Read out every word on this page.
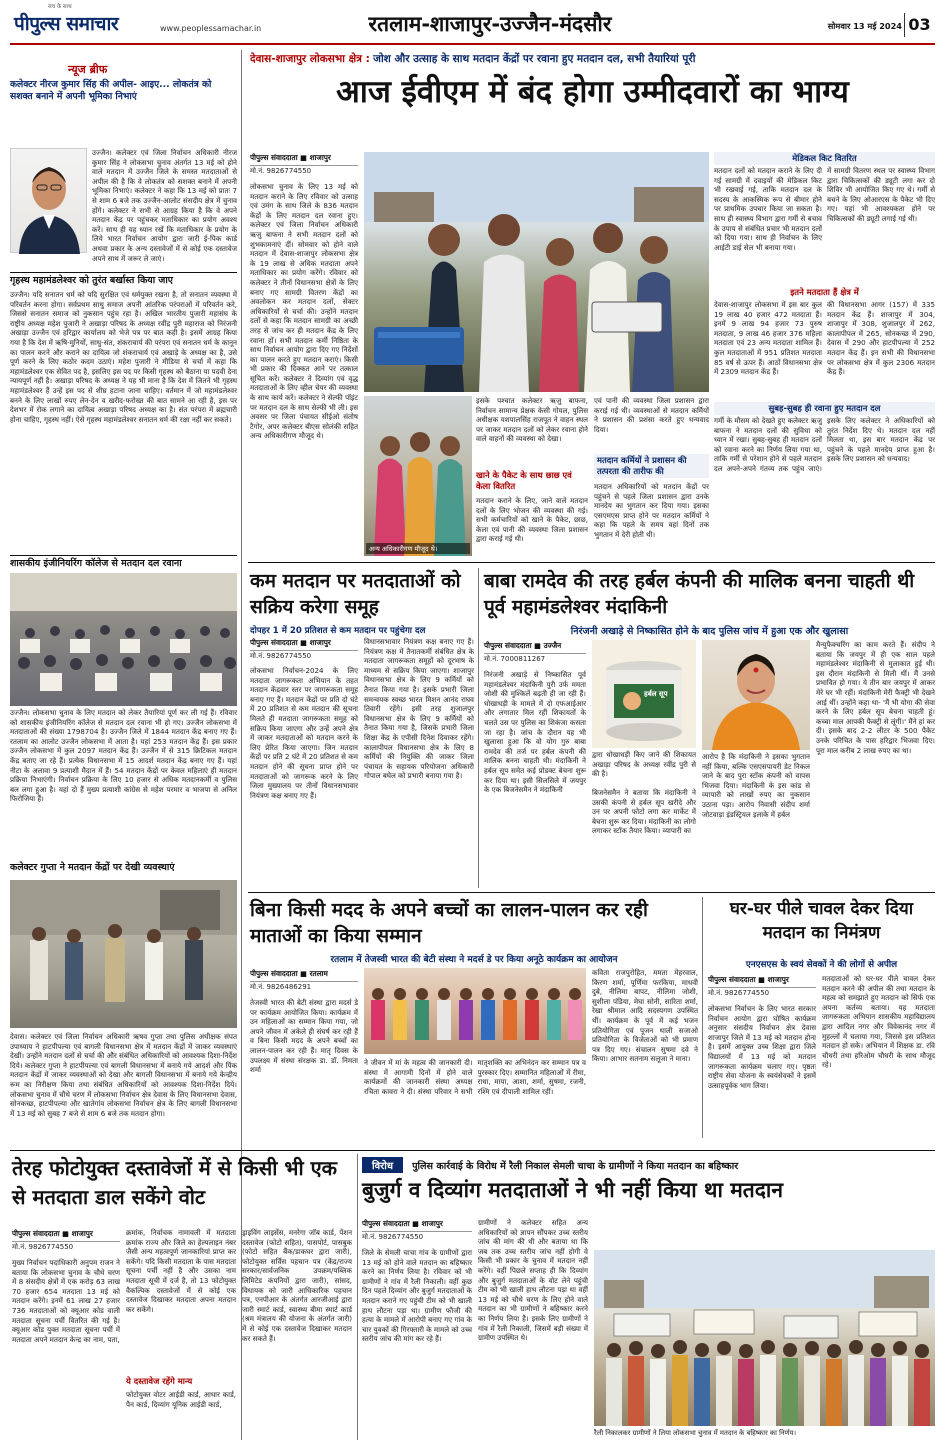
सच के साथ
पीपुल्स समाचार	www.peoplessamachar.in	रतलाम-शाजापुर-उज्जैन-मंदसौर	सोमवार 13 मई 2024 03
न्यूज ब्रीफ
कलेक्टर नीरज कुमार सिंह की अपील- आइए... लोकतंत्र को सशक्त बनाने में अपनी भूमिका निभाएं
उज्जैन। कलेक्टर एवं जिला निर्वाचन अधिकारी नीरज कुमार सिंह ने लोकसभा चुनाव अंतर्गत 13 मई को होने वाले मतदान में उज्जैन जिले के समस्त मतदाताओं से अपील की है कि वे लोकतंत्र को सशक्त बनाने में अपनी भूमिका निभाएं। कलेक्टर ने कहा कि 13 मई को प्रातः 7 से शाम 6 बजे तक उज्जैन-आलोट संसदीय क्षेत्र में चुनाव होंगे। कलेक्टर ने सभी से आग्रह किया है कि वे अपने मतदान केंद्र पर पहुंचकर मताधिकार का प्रयोग अवश्य करें। साथ ही यह ध्यान रखें कि मताधिकार के प्रयोग के लिये भारत निर्वाचन आयोग द्वारा जारी ई-पिक कार्ड अथवा प्रकार के अन्य दस्तावेजों में से कोई एक दस्तावेज अपने साथ में जरूर ले जाएं।
गृहस्थ महामंडलेश्वर को तुरंत बर्खास्त किया जाए
उज्जैन। यदि सनातन धर्म को यदि सुरक्षित एवं धर्मयुक्त रखना है, तो सनातन व्यवस्था में परिवर्तन करना होगा। सर्वप्रथम साधु समाज अपनी आंतरिक परंपराओं में परिवर्तन करे, जिससे सनातन समाज को नुकसान पहुंच रहा है। अखिल भारतीय पुजारी महासंघ के राष्ट्रीय अध्यक्ष महेश पुजारी ने अखाड़ा परिषद के अध्यक्ष रवींद्र पुरी महाराज को निरंजनी अखाड़ा उज्जैन एवं हरिद्वार कार्यालय को भेजे पत्र पर बात कही है। इसमें आग्रह किया गया है कि देश में ऋषि-मुनियों, साधु-संत, शंकराचार्य की परंपरा एवं सनातन धर्म के कानून का पालन करने और कराने का दायित्व जो शंकराचार्य एवं अखाड़े के अध्यक्ष का है, उसे पूर्ण करने के लिए कठोर कदम उठाएं। महेश पुजारी ने मीडिया से चर्चा में कहा कि महामंडलेश्वर एक सेवित पद है, इसलिए इस पद पर किसी गृहस्थ को बैठाना या पदवी देना न्यायपूर्ण नहीं है। अखाड़ा परिषद के अध्यक्ष ने यह भी माना है कि देश में जितने भी गृहस्थ महामंडलेश्वर हैं उन्हें इस पद से शीघ्र हटाना जाना चाहिए। वर्तमान में जो महामंडलेश्वर बनने के लिए लाखों रुपए लेन-देन व खरीद-फरोख्त की बात सामने आ रही है, इस पर देशभर में रोक लगाने का दायित्व अखाड़ा परिषद अध्यक्ष का है। संत परंपरा में ब्रह्मचारी होना चाहिए, गृहस्थ नहीं। ऐसे गृहस्थ महामंडलेश्वर सनातन धर्म की रक्षा नहीं कर सकते।
शासकीय इंजीनियरिंग कॉलेज से मतदान दल रवाना
उज्जैन। लोकसभा चुनाव के लिए मतदान को लेकर तैयारियां पूर्ण कर ली गई हैं। रविवार को शासकीय इंजीनियरिंग कॉलेज से मतदान दल रवाना भी हो गए। उज्जैन लोकसभा में मतदाताओं की संख्या 1798704 है। उज्जैन जिले में 1844 मतदान केंद्र बनाए गए हैं। रतलाम का आलोट उज्जैन लोकसभा में आता है। यहां 253 मतदान केंद्र हैं। इस प्रकार उज्जैन लोकसभा में कुल 2097 मतदान केंद्र हैं। उज्जैन में से 315 क्रिटिकल मतदान केंद्र बताए जा रहे हैं। प्रत्येक विधानसभा में 15 आदर्श मतदान केंद्र बनाए गए हैं। यहां नीटा के अलावा 9 प्रत्याशी मैदान में हैं। 54 मतदान केंद्रों पर केवल महिलाएं ही मतदान प्रक्रिया निभाएंगी। निर्वाचन प्रक्रिया के लिए 10 हजार से अधिक मतदानकर्मी व पुलिस बल लगा हुआ है। यहां दो हैं मुख्य प्रत्याशी कांग्रेस से महेश परमार व भाजपा से अनिल फिरोजिया हैं।
कलेक्टर गुप्ता ने मतदान केंद्रों पर देखी व्यवस्थाएं
देवास। कलेक्टर एवं जिला निर्वाचन अधिकारी ऋषव गुप्ता तथा पुलिस अधीक्षक संपत उपाध्याय ने हाटपीपल्या एवं बागली विधानसभा क्षेत्र में मतदान केंद्रों में जाकर व्यवस्थाएं देखी। उन्होंने मतदान दलों से चर्चा की और संबंधित अधिकारियों को आवश्यक दिशा-निर्देश दिये। कलेक्टर गुप्ता ने हाटपीपल्या एवं बागली विधानसभा में बनाये गये आदर्श और पिंक मतदान केंद्रों में जाकर व्यवस्थाओं को देखा और बागली विधानसभा में बनाये गये केन्द्रीय रूम का निरीक्षण किया तथा संबंधित अधिकारियों को आवश्यक दिशा-निर्देश दिये। लोकसभा चुनाव में चौथे चरण में लोकसभा निर्वाचन क्षेत्र देवास के लिए विधानसभा देवास, सोनकच्छ, हाटपीपल्या और खातेगांव लोकसभा निर्वाचन क्षेत्र के लिए बागली विधानसभा में 13 मई को सुबह 7 बजे से शाम 6 बजे तक मतदान होगा।
देवास-शाजापुर लोकसभा क्षेत्र : जोश और उत्साह के साथ मतदान केंद्रों पर रवाना हुए मतदान दल, सभी तैयारियां पूरी
आज ईवीएम में बंद होगा उम्मीदवारों का भाग्य
पीपुल्स संवाददाता ■ शाजापुर
मो.नं. 9826774550
लोकसभा चुनाव के लिए 13 मई को मतदान कराने के लिए रविवार को उत्साह एवं उमंग के साथ जिले के 836 मतदान केंद्रों के लिए मतदान दल रवाना हुए। कलेक्टर एवं जिला निर्वाचन अधिकारी ऋजु बाफना ने सभी मतदान दलों को शुभकामनाएं दीं। सोमवार को होने वाले मतदान में देवास-शाजापुर लोकसभा क्षेत्र के 19 लाख से अधिक मतदाता अपने मताधिकार का प्रयोग करेंगे। रविवार को कलेक्टर ने तीनों विधानसभा क्षेत्रों के लिए बनाए गए सामग्री वितरण केंद्रों का अवलोकन कर मतदान दलों, सेक्टर अधिकारियों से चर्चा की। उन्होंने मतदान दलों से कहा कि मतदान सामग्री का अच्छी तरह से जांच कर ही मतदान केंद्र के लिए रवाना हों। सभी मतदान कर्मी निष्ठिता के साथ निर्वाचन आयोग द्वारा दिए गए निर्देशों का पालन करते हुए मतदान कराएं। किसी भी प्रकार की दिक्कत आने पर तत्काल सूचित करें। कलेक्टर ने दिव्यांग एवं वृद्ध मतदाताओं के लिए व्हील चेयर की व्यवस्था के साथ कार्य करें। कलेक्टर ने सेल्फी पॉइंट पर मतदान दल के साथ सेल्फी भी ली। इस अवसर पर जिला पंचायत सीईओ संतोष टैगोर, अपर कलेक्टर बीएस सोलंकी सहित अन्य अधिकारीगण मौजूद थे।
अन्य अधिकारीगण मौजूद थे।
इसके पश्चात कलेक्टर ऋजु बाफना, निर्वाचन सामान्य प्रेक्षक केसी गोयल, पुलिस अधीक्षक यशपालसिंह राजपूत ने वाहन स्थल पर जाकर मतदान दलों को लेकर रवाना होने वाले वाहनों की व्यवस्था को देखा।
खाने के पैकेट के साथ छाछ एवं केला वितरित
मतदान कराने के लिए, जाने वाले मतदान दलों के लिए भोजन की व्यवस्था की गई। सभी कर्मचारियों को खाने के पैकेट, छाछ, केला एवं पानी की व्यवस्था जिला प्रशासन द्वारा कराई गई थी।
एवं पानी की व्यवस्था जिला प्रशासन द्वारा कराई गई थी। व्यवस्थाओं से मतदान कर्मियों ने प्रशासन की प्रशंसा करते हुए धन्यवाद दिया।
मतदान कर्मियों ने प्रशासन की तत्परता की तारीफ की
मतदान अधिकारियों को मतदान केंद्रों पर पहुंचने से पहले जिला प्रशासन द्वारा उनके मानदेय का भुगतान कर दिया गया। इसका एसएमएस प्राप्त होने पर मतदान कर्मियों ने कहा कि पहले के समय वहां दिनों तक भुगतान में देरी होती थी।
मेडिकल किट वितरित
मतदान दलों को मतदान कराने के लिए दी गई सामग्री में दवाइयों की मेडिकल किट भी रखवाई गई, ताकि मतदान दल के सदस्य के आकस्मिक रूप से बीमार होने पर प्राथमिक उपचार किया जा सकता है। साथ ही स्वास्थ्य विभाग द्वारा गर्मी से बचाव के उपाय से संबंधित प्रचार भी मतदान दलों को दिया गया। साथ ही निर्वाचन के लिए आईटी डाई सेल भी बनाया गया।
में सामग्री वितरण स्थल पर स्वास्थ्य विभाग द्वारा चिकित्सकों की ड्यूटी लगा कर दो शिविर भी आयोजित किए गए थे। गर्मी से बचने के लिए ओआरएस के पैकेट भी दिए गए। यहां भी आवश्यकता होने पर चिकित्सकों की ड्यूटी लगाई गई थी।
इतने मतदाता हैं क्षेत्र में
देवास-शाजापुर लोकसभा में इस बार कुल 19 लाख 40 हजार 472 मतदाता हैं। इनमें 9 लाख 94 हजार 73 पुरुष मतदाता, 9 लाख 46 हजार 376 महिला मतदाता एवं 23 अन्य मतदाता शामिल हैं। कुल मतदाताओं में 951 प्रतिशत मतदाता 85 वर्ष से ऊपर हैं। आठों विधानसभा क्षेत्र में 2309 मतदान केंद्र हैं।
की विधानसभा आगर (157) में 335 मतदान केंद्र हैं। शाजापुर में 304, शाजापुर में 308, शुजालपुर में 262, कालापीपल में 265, सोनकच्छ में 290, देवास में 290 और हाटपीपल्या में 252 मतदान केंद्र हैं। इन सभी की विधानसभा पर लोकसभा क्षेत्र में कुल 2306 मतदान केंद्र हैं।
सुबह-सुबह ही रवाना हुए मतदान दल
गर्मी के मौसम को देखते हुए कलेक्टर ऋजु बाफना ने मतदान दलों की सुविधा को ध्यान में रखा। सुबह-सुबह ही मतदान दलों को रवाना करने का निर्णय लिया गया था, ताकि गर्मी से परेशान होने से पहले मतदान दल अपने-अपने गंतव्य तक पहुंच जाएं। इसके लिए कलेक्टर ने अधिकारियों को तुरंत निर्देश दिए थे। मतदान दल नहीं मिलता था, इस बार मतदान केंद्र पर पहुंचने के पहले मानदेय प्राप्त हुआ है। इसके लिए प्रशासन को धन्यवाद।
कम मतदान पर मतदाताओं को सक्रिय करेगा समूह
दोपहर 1 में 20 प्रतिशत से कम मतदान पर पहुंचेगा दल
पीपुल्स संवाददाता ■ शाजापुर
मो.नं. 9826774550
लोकसभा निर्वाचन-2024 के लिए मतदाता जागरूकता अभियान के तहत मतदान केंद्रवार स्तर पर जागरूकता समूह बनाए गए हैं। मतदान केंद्रों पर प्रति दो घंटे में 20 प्रतिशत से कम मतदान की सूचना मिलते ही मतदाता जागरूकता समूह को सक्रिय किया जाएगा और उन्हें अपने क्षेत्र में जाकर मतदाताओं को मतदान करने के लिए प्रेरित किया जाएगा। जिन मतदान केंद्रों पर प्रति 2 घंटे में 20 प्रतिशत से कम मतदान होने की सूचना प्राप्त होने पर मतदाताओं को जागरूक करने के लिए जिला मुख्यालय पर तीनों विधानसभावार नियंत्रण कक्ष बनाए गए हैं।
विधानसभावार नियंत्रण कक्ष बनाए गए हैं। नियंत्रण कक्ष में तैनातकर्मी संबंधित क्षेत्र के मतदाता जागरूकता समूहों को दूरभाष के माध्यम से सक्रिय किया जाएगा। शाजापुर विधानसभा क्षेत्र के लिए 9 कर्मियों को तैनात किया गया है। इसके प्रभारी जिला समन्वयक स्वच्छ भारत मिशन आनंद राघव तिवारी रहेंगे। इसी तरह शुजालपुर विधानसभा क्षेत्र के लिए 9 कर्मियों को तैनात किया गया है, जिसके प्रभारी जिला शिक्षा केंद्र के एपीसी दिनेश दिवाकर रहेंगे। कालापीपल विधानसभा क्षेत्र के लिए 8 कर्मियों की नियुक्ति की जाकर जिला पंचायत के सहायक परियोजना अधिकारी गोपाल बघेल को प्रभारी बनाया गया है।
बाबा रामदेव की तरह हर्बल कंपनी की मालिक बनना चाहती थी पूर्व महामंडलेश्वर मंदाकिनी
निरंजनी अखाड़े से निष्कासित होने के बाद पुलिस जांच में हुआ एक और खुलासा
पीपुल्स संवाददाता ■ उज्जैन
मो.नं. 7000811267
निरंजनी अखाड़े से निष्कासित पूर्व महामंडलेश्वर मंदाकिनी पुरी उर्फ ममता जोशी की मुश्किलें बढ़ती ही जा रही हैं। धोखाधड़ी के मामले में दो एफआईआर और लगातार मिल रहीं शिकायतों के चलते उस पर पुलिस का शिकंजा कसता जा रहा है। जांच के दौरान यह भी खुलासा हुआ कि वो योग गुरु बाबा रामदेव की तर्ज पर हर्बल कंपनी की मालिक बनना चाहती थी। मंदाकिनी ने हर्बल सूप समेत कई प्रोडक्ट बेचना शुरू कर दिया था। इसी सिलसिले में जयपुर के एक बिजनेसमैन ने मंदाकिनी
हर्बल सूप
द्वारा धोखाधड़ी किए जाने की शिकायत अखाड़ा परिषद के अध्यक्ष रवींद्र पुरी से की है।
बिजनेसमैन ने बताया कि मंदाकिनी ने उसकी कंपनी से हर्बल सूप खरीदे और उन पर अपनी फोटो लगा कर मार्केट में बेचना शुरू कर दिया। मंदाकिनी का लोगो लगाकर स्टॉक तैयार किया। व्यापारी का
आरोप है कि मंदाकिनी ने इसका भुगतान नहीं किया, बल्कि एसएसपायरी डेट निकल जाने के बाद पुरा स्टॉक कंपनी को वापस भिजवा दिया। मंदाकिनी के इस कांड से व्यापारी को लाखों रुपए का नुकसान उठाना पड़ा। आरोप निवासी संदीप शर्मा जोटवाड़ा इंडस्ट्रियल इलाके में हर्बल
मैन्युफैक्चरिंग का काम करते हैं। संदीप ने बताया कि जयपुर में ही एक साल पहले महामंडलेश्वर मंदाकिनी से मुलाकात हुई थी। इस दौरान मंदाकिनी से मिली थीं। मैं उनसे प्रभावित हो गया। ये तीन बार जयपुर में आकर मेरे घर भी रहीं। मंदाकिनी मेरी फैक्ट्री भी देखने आई थीं। उन्होंने कहा था- 'मैं भी योगा की सेवा करने के लिए हर्बल सूप बेचना चाहती हूं। कच्चा माल आपकी फैक्ट्री से लूंगी।' मैंने हां कर दी। इसके बाद 2-2 लीटर के 500 पैकेट उनके परिचित के पास हरिद्वार भिजवा दिए। पूरा माल करीब 2 लाख रुपए का था।
बिना किसी मदद के अपने बच्चों का लालन-पालन कर रही माताओं का किया सम्मान
रतलाम में तेजस्वी भारत की बेटी संस्था ने मदर्स डे पर किया अनूठे कार्यक्रम का आयोजन
पीपुल्स संवाददाता ■ रतलाम
मो.नं. 9826486291
तेजस्वी भारत की बेटी संस्था द्वारा मदर्स डे पर कार्यक्रम आयोजित किया। कार्यक्रम में उन महिलाओं का सम्मान किया गया, जो अपने जीवन में अकेले ही संघर्ष कर रही हैं व बिना किसी मदद के अपने बच्चों का लालन-पालन कर रही हैं। मातृ दिवस के उपलक्ष्य में संस्था संरक्षक डा. डॉ. निमता शर्मा
ने जीवन में मां के महत्व की जानकारी दी। संस्था में आगामी दिनों में होने वाले कार्यक्रमों की जानकारी संस्था अध्यक्ष रचिता कावरा ने दी। संस्था परिवार ने सभी मातृशक्ति का अभिनंदन कर सम्मान पत्र व पुरस्कार दिए। सम्मानित महिलाओं में रीमा, राधा, माया, आशा, शर्मा, सुषमा, रजनी, रश्मि एवं दीपाली शामिल रहीं।
कविता राजपुरोहित, ममता मेहरवाल, किरण शर्मा, पूर्णिमा फरकिया, माधवी दुबे, नीलिमा बापट, नीलिमा जोशी, सुशीला पंडिया, मेघा सोनी, सारिता शर्मा, रेखा श्रीमाल आदि सदस्यगण उपस्थित थीं। कार्यक्रम के पूर्व में कई भजन प्रतियोगिता एवं पूजन थाली सजाओ प्रतियोगिता के विजेताओं को भी प्रमाण पत्र दिए गए। संचालन सुषमा दवे ने किया। आभार सतनाम सलूजा ने माना।
घर-घर पीले चावल देकर दिया मतदान का निमंत्रण
एनएसएस के स्वयं सेवकों ने की लोगों से अपील
पीपुल्स संवाददाता ■ शाजापुर
मो.नं. 9826774550
लोकसभा निर्वाचन के लिए भारत सरकार निर्वाचन आयोग द्वारा घोषित कार्यक्रम अनुसार संसदीय निर्वाचन क्षेत्र देवास शाजापुर जिले में 13 मई को मतदान होना है। इसमें आयुक्त उच्च शिक्षा द्वारा जिले विद्यालयों में 13 मई को मतदान जागरूकता कार्यक्रम चलाए गए। पृष्ठतः राष्ट्रीय सेवा योजना के स्वयंसेवकों ने इसमें उत्साहपूर्वक भाग लिया।
मतदाताओं को घर-घर पीले चावल देकर मतदान करने की अपील की तथा मतदान के महत्व को समझाते हुए मतदान को सिर्फ एक अपना कर्तव्य बताया। यह मतदाता जागरूकता अभियान शासकीय महाविद्यालय द्वारा आदिल नगर और विवेकानंद नगर में मुहल्लों में चलाया गया, जिससे इस प्रतिशत मतदान हो सके। अभियान में शिक्षक डा. रवि चौधरी तथा हरिओम चौधरी के साथ मौजूद रहे।
तेरह फोटोयुक्त दस्तावेजों में से किसी भी एक से मतदाता डाल सकेंगे वोट
पीपुल्स संवाददाता ■ शाजापुर
मो.नं. 9826774550
मुख्य निर्वाचन पदाधिकारी अनुपम राजन ने बताया कि लोकसभा चुनाव के चौथे चरण में 8 संसदीय क्षेत्रों में एक करोड़ 63 लाख 70 हजार 654 मतदाता 13 मई को मतदान करेंगे। इनमें 61 लाख 27 हजार 736 मतदाताओं को क्यूआर कोड वाली मतदाता सूचना पर्ची वितरित की गई है। क्यूआर कोड युक्त मतदाता सूचना पर्ची में मतदाता अपने मतदान केन्द्र का नाम, पता,
क्रमांक, निर्वाचक नामावली में मतदाता क्रमांक राज्य और जिले का हेल्पलाइन नंबर जैसी अन्य महत्वपूर्ण जानकारियां प्राप्त कर सकेंगे। यदि किसी मतदाता के पास मतदाता सूचना पर्ची नहीं है और उसका नाम मतदाता सूची में दर्ज है, तो 13 फोटोयुक्त वैकल्पिक दस्तावेजों में से कोई एक दस्तावेज दिखाकर मतदाता अपना मतदान कर सकेंगे।
ये दस्तावेज रहेंगे मान्य
फोटोयुक्त वोटर आईडी कार्ड, आधार कार्ड, पैन कार्ड, दिव्यांग यूनिक आईडी कार्ड,
ड्राइविंग लाइसेंस, मनरेगा जॉब कार्ड, पेंशन दस्तावेज (फोटो सहित), पासपोर्ट, पासबुक (फोटो सहित बैंक/डाकघर द्वारा जारी), फोटोयुक्त सर्विस पहचान पत्र (केंद्र/राज्य सरकार/सार्वजनिक उपक्रम/पब्लिक लिमिटेड कंपनियों द्वारा जारी), सांसद, विधायक को जारी आधिकारिक पहचान पत्र, एनपीआर के अंतर्गत आरजीआई द्वारा जारी स्मार्ट कार्ड, स्वास्थ्य बीमा स्मार्ट कार्ड (श्रम मंत्रालय की योजना के अंतर्गत जारी) में से कोई एक दस्तावेज दिखाकर मतदान कर सकते हैं।
विरोध पुलिस कार्रवाई के विरोध में रैली निकाल सेमली चाचा के ग्रामीणों ने किया मतदान का बहिष्कार
बुजुर्ग व दिव्यांग मतदाताओं ने भी नहीं किया था मतदान
पीपुल्स संवाददाता ■ शाजापुर
मो.नं. 9826774550
जिले के सेमली चाचा गांव के ग्रामीणों द्वारा 13 मई को होने वाले मतदान का बहिष्कार करने का निर्णय लिया है। रविवार को भी ग्रामीणों ने गांव में रैली निकाली। वहीं कुछ दिन पहले दिव्यांग और बुजुर्ग मतदाताओं के मतदान कराने गए पहुंची टीम को भी खाली हाथ लौटना पड़ा था। ग्रामीण फौजी की हत्या के मामले में आरोपी बनाए गए गांव के चार युवकों की गिरफ्तारी के मामले को उच्च स्तरीय जांच की मांग कर रहे हैं।
ग्रामीणों ने कलेक्टर सहित अन्य अधिकारियों को ज्ञापन सौंपकर उच्च स्तरीय जांच की मांग की थी और बताया था कि जब तक उच्च स्तरीय जांच नहीं होगी वे किसी भी प्रकार के चुनाव में मतदान नहीं करेंगे। वहीं पिछले सप्ताह ही कि दिव्यांग और बुजुर्ग मतदाताओं के वोट लेने पहुंची टीम को भी खाली हाथ लौटना पड़ा था वहीं 13 मई को चौथे चरण के लिए होने वाले मतदान का भी ग्रामीणों ने बहिष्कार करने का निर्णय लिया है। इसके लिए ग्रामीणों ने गांव में रैली निकाली, जिसमें बड़ी संख्या में ग्रामीण उपस्थित थे।
रैली निकालकर ग्रामीणों ने लिया लोकसभा चुनाव में मतदान के बहिष्कार का निर्णय।
